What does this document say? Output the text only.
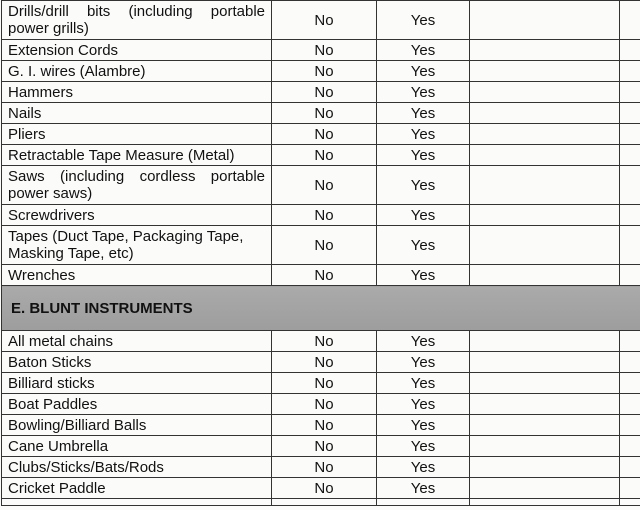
Drills/drill bits (including portable power grills)	No	Yes		
Extension Cords	No	Yes		
G. I. wires (Alambre)	No	Yes		
Hammers	No	Yes		
Nails	No	Yes		
Pliers	No	Yes		
Retractable Tape Measure (Metal)	No	Yes		
Saws (including cordless portable power saws)	No	Yes		
Screwdrivers	No	Yes		
Tapes (Duct Tape, Packaging Tape, Masking Tape, etc)	No	Yes		
Wrenches	No	Yes		
E. BLUNT INSTRUMENTS				
All metal chains	No	Yes		
Baton Sticks	No	Yes		
Billiard sticks	No	Yes		
Boat Paddles	No	Yes		
Bowling/Billiard Balls	No	Yes		
Cane Umbrella	No	Yes		
Clubs/Sticks/Bats/Rods	No	Yes		
Cricket Paddle	No	Yes		
